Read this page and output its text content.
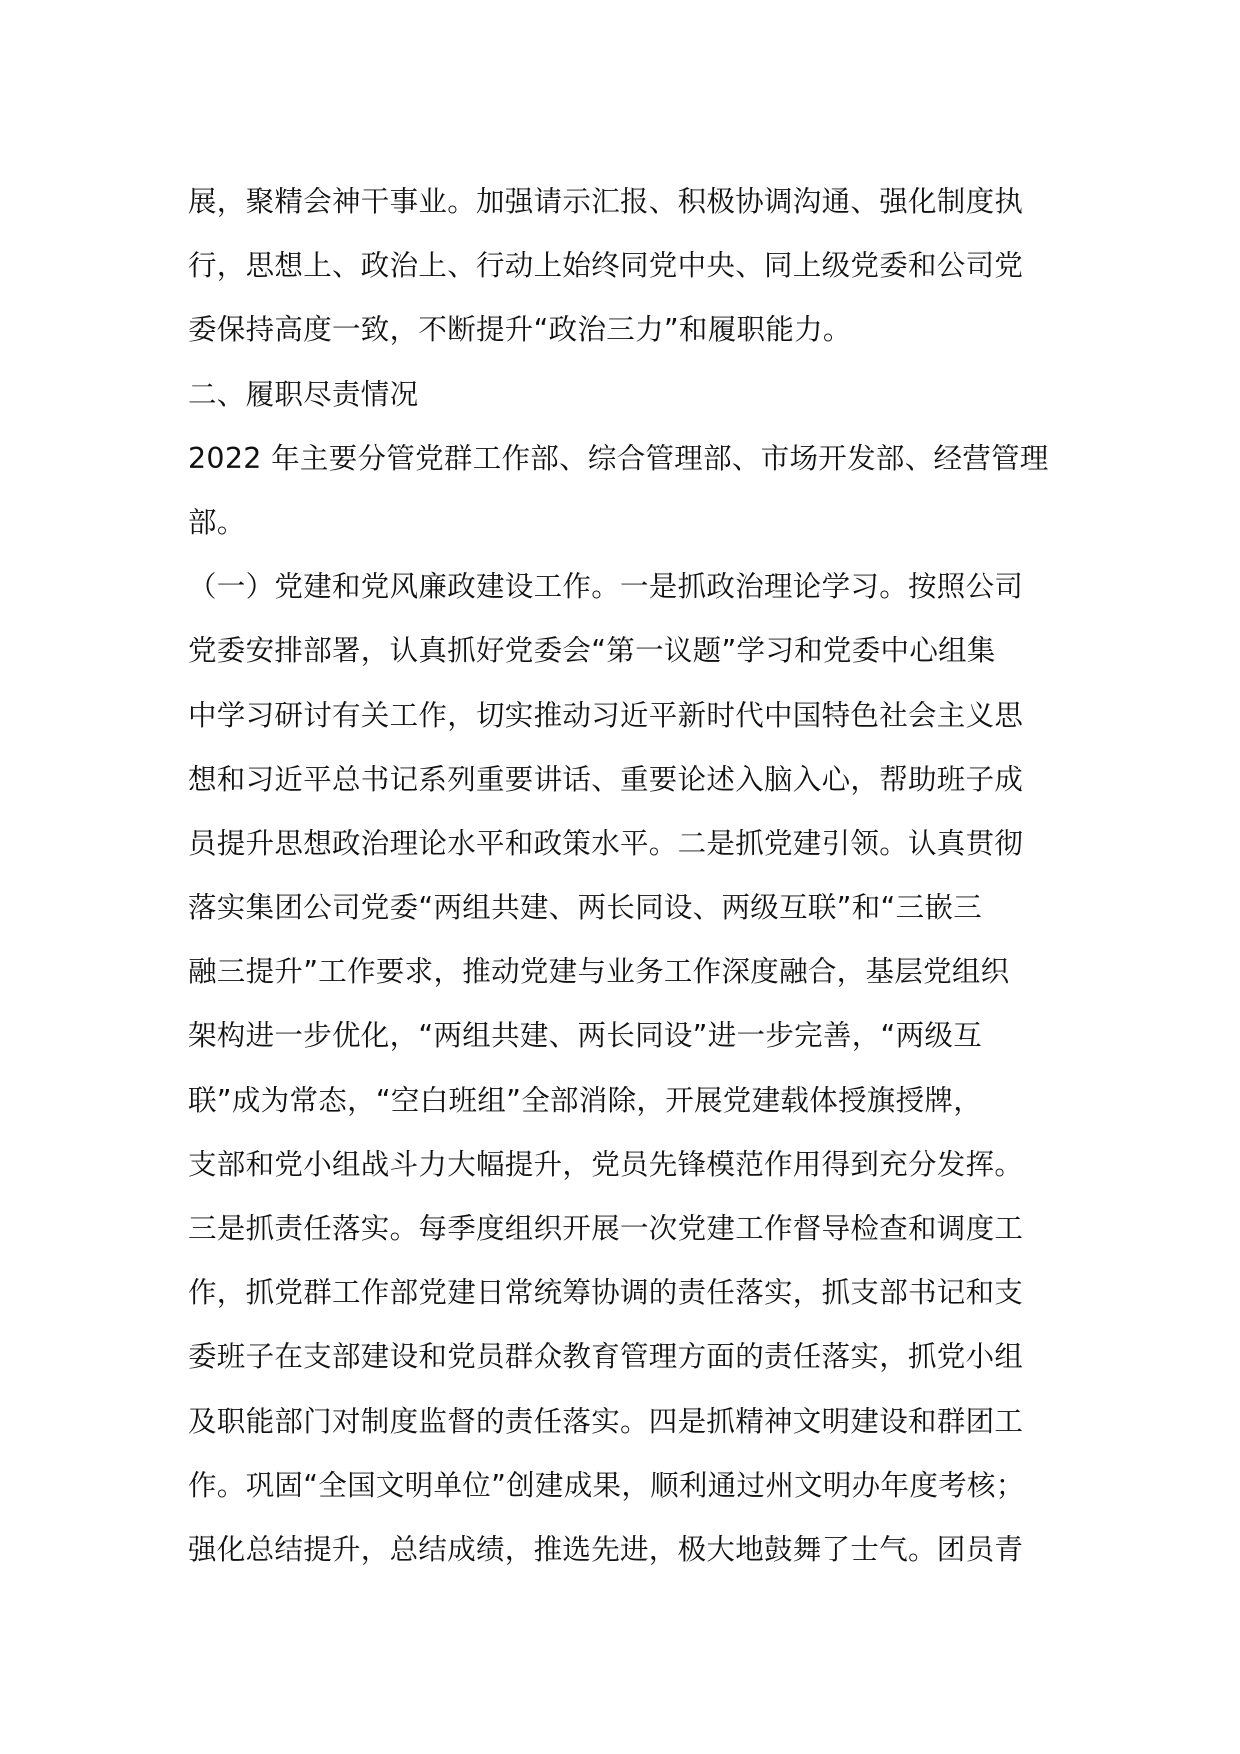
展，聚精会神干事业。加强请示汇报、积极协调沟通、强化制度执
行，思想上、政治上、行动上始终同党中央、同上级党委和公司党
委保持高度一致，不断提升“政治三力”和履职能力。
二、履职尽责情况
2022 年主要分管党群工作部、综合管理部、市场开发部、经营管理
部。
（一）党建和党风廉政建设工作。一是抓政治理论学习。按照公司
党委安排部署，认真抓好党委会“第一议题”学习和党委中心组集
中学习研讨有关工作，切实推动习近平新时代中国特色社会主义思
想和习近平总书记系列重要讲话、重要论述入脑入心，帮助班子成
员提升思想政治理论水平和政策水平。二是抓党建引领。认真贯彻
落实集团公司党委“两组共建、两长同设、两级互联”和“三嵌三
融三提升”工作要求，推动党建与业务工作深度融合，基层党组织
架构进一步优化，“两组共建、两长同设”进一步完善，“两级互
联”成为常态，“空白班组”全部消除，开展党建载体授旗授牌，
支部和党小组战斗力大幅提升，党员先锋模范作用得到充分发挥。
三是抓责任落实。每季度组织开展一次党建工作督导检查和调度工
作，抓党群工作部党建日常统筹协调的责任落实，抓支部书记和支
委班子在支部建设和党员群众教育管理方面的责任落实，抓党小组
及职能部门对制度监督的责任落实。四是抓精神文明建设和群团工
作。巩固“全国文明单位”创建成果，顺利通过州文明办年度考核；
强化总结提升，总结成绩，推选先进，极大地鼓舞了士气。团员青
